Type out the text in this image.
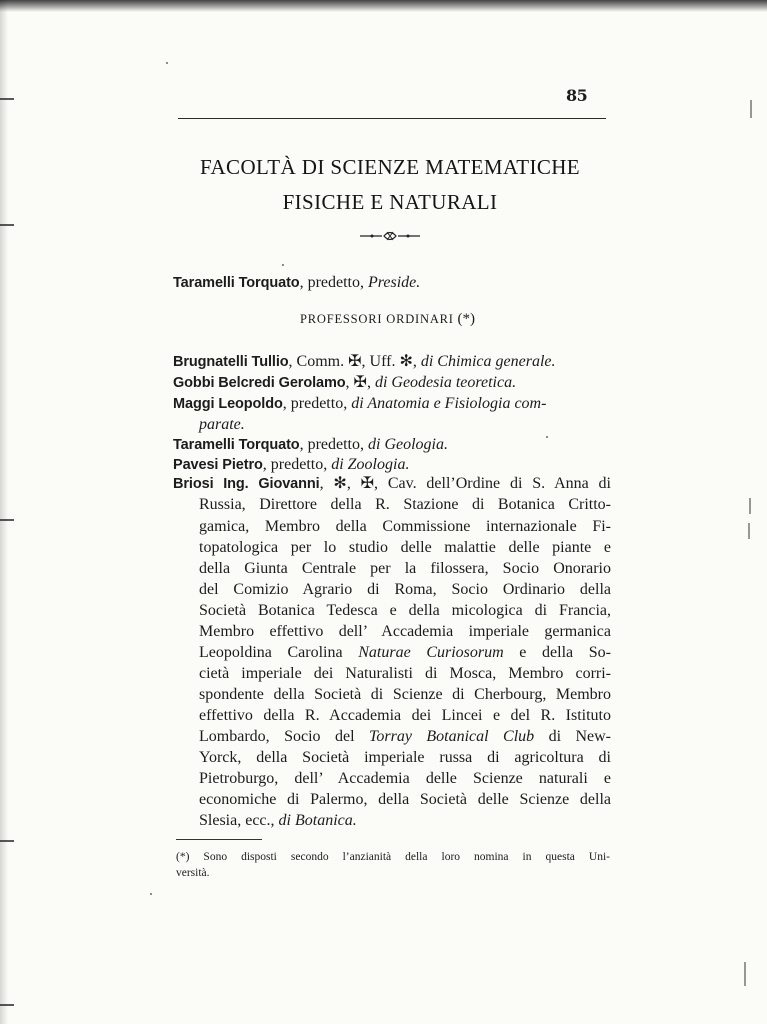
85
FACOLTÀ DI SCIENZE MATEMATICHE
FISICHE E NATURALI
Taramelli Torquato, predetto, Preside.
PROFESSORI ORDINARI (*)
Brugnatelli Tullio, Comm. ✠, Uff. ✻, di Chimica generale.
Gobbi Belcredi Gerolamo, ✠, di Geodesia teoretica.
Maggi Leopoldo, predetto, di Anatomia e Fisiologia com-
parate.
Taramelli Torquato, predetto, di Geologia.
Pavesi Pietro, predetto, di Zoologia.
Briosi Ing. Giovanni, ✻, ✠, Cav. dell’Ordine di S. Anna di
Russia, Direttore della R. Stazione di Botanica Critto-
gamica, Membro della Commissione internazionale Fi-
topatologica per lo studio delle malattie delle piante e
della Giunta Centrale per la filossera, Socio Onorario
del Comizio Agrario di Roma, Socio Ordinario della
Società Botanica Tedesca e della micologica di Francia,
Membro effettivo dell’ Accademia imperiale germanica
Leopoldina Carolina Naturae Curiosorum e della So-
cietà imperiale dei Naturalisti di Mosca, Membro corri-
spondente della Società di Scienze di Cherbourg, Membro
effettivo della R. Accademia dei Lincei e del R. Istituto
Lombardo, Socio del Torray Botanical Club di New-
Yorck, della Società imperiale russa di agricoltura di
Pietroburgo, dell’ Accademia delle Scienze naturali e
economiche di Palermo, della Società delle Scienze della
Slesia, ecc., di Botanica.
(*) Sono disposti secondo l’anzianità della loro nomina in questa Uni-
versità.
